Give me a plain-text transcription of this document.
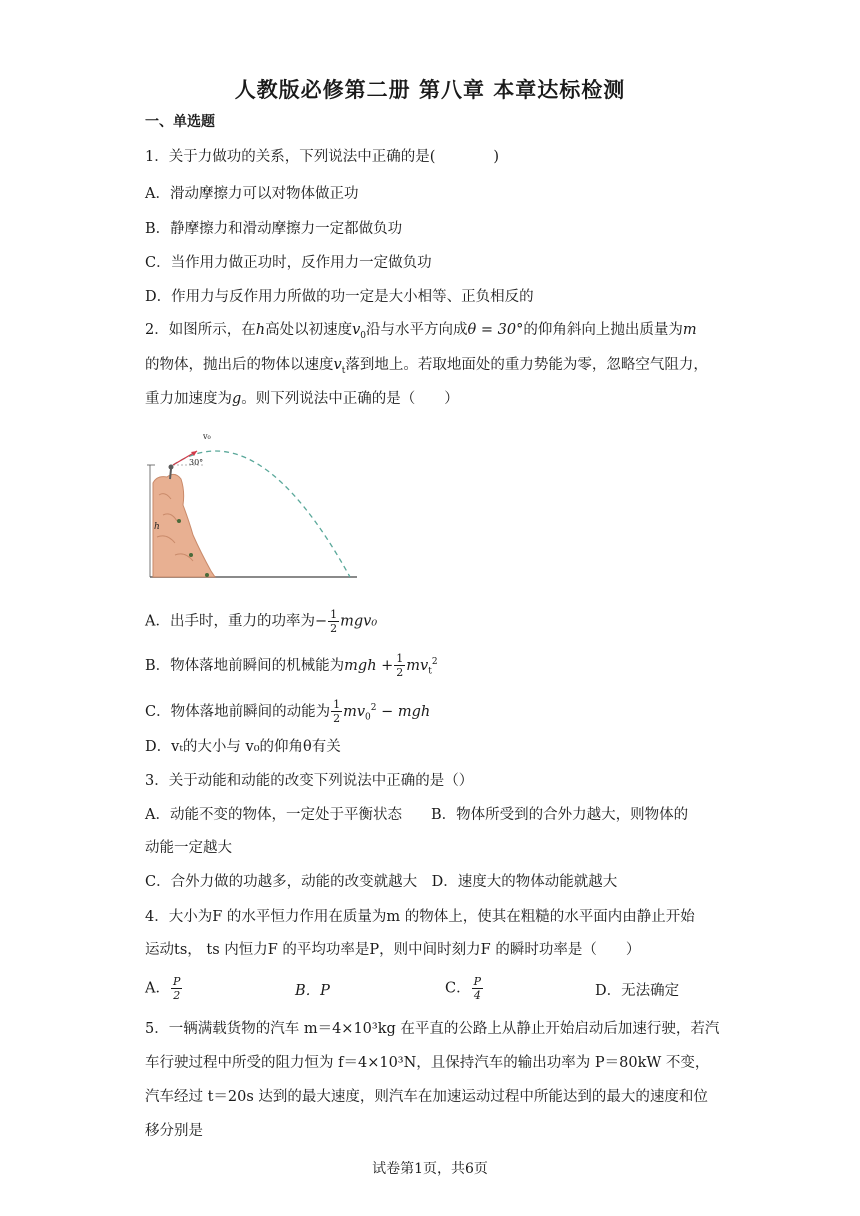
人教版必修第二册 第八章 本章达标检测
一、单选题
1．关于力做功的关系，下列说法中正确的是(　　　　)
A．滑动摩擦力可以对物体做正功
B．静摩擦力和滑动摩擦力一定都做负功
C．当作用力做正功时，反作用力一定做负功
D．作用力与反作用力所做的功一定是大小相等、正负相反的
2．如图所示，在h高处以初速度$v_0$沿与水平方向成θ = 30°的仰角斜向上抛出质量为m
的物体，抛出后的物体以速度$v_t$落到地上。若取地面处的重力势能为零，忽略空气阻力，
重力加速度为g。则下列说法中正确的是（　　）
h
v₀
30°
A．出手时，重力的功率为− $\frac{1}{2} mgv_0$
B．物体落地前瞬间的机械能为mgh + $\frac{1}{2} mv_t^2$
C．物体落地前瞬间的动能为 $\frac{1}{2} mv_0^2$ − mgh
D．vₜ的大小与 v₀的仰角θ有关
3．关于动能和动能的改变下列说法中正确的是（）
A．动能不变的物体，一定处于平衡状态　　B．物体所受到的合外力越大，则物体的
动能一定越大
C．合外力做的功越多，动能的改变就越大　D．速度大的物体动能就越大
4．大小为F 的水平恒力作用在质量为m 的物体上，使其在粗糙的水平面内由静止开始
运动ts， ts 内恒力F 的平均功率是P，则中间时刻力F 的瞬时功率是（　　）
A． $\frac{P}{2}$	B．P	C． $\frac{P}{4}$	D．无法确定
5．一辆满载货物的汽车 m＝4×10³kg 在平直的公路上从静止开始启动后加速行驶，若汽
车行驶过程中所受的阻力恒为 f＝4×10³N，且保持汽车的输出功率为 P＝80kW 不变，
汽车经过 t＝20s 达到的最大速度，则汽车在加速运动过程中所能达到的最大的速度和位
移分别是
试卷第1页，共6页
